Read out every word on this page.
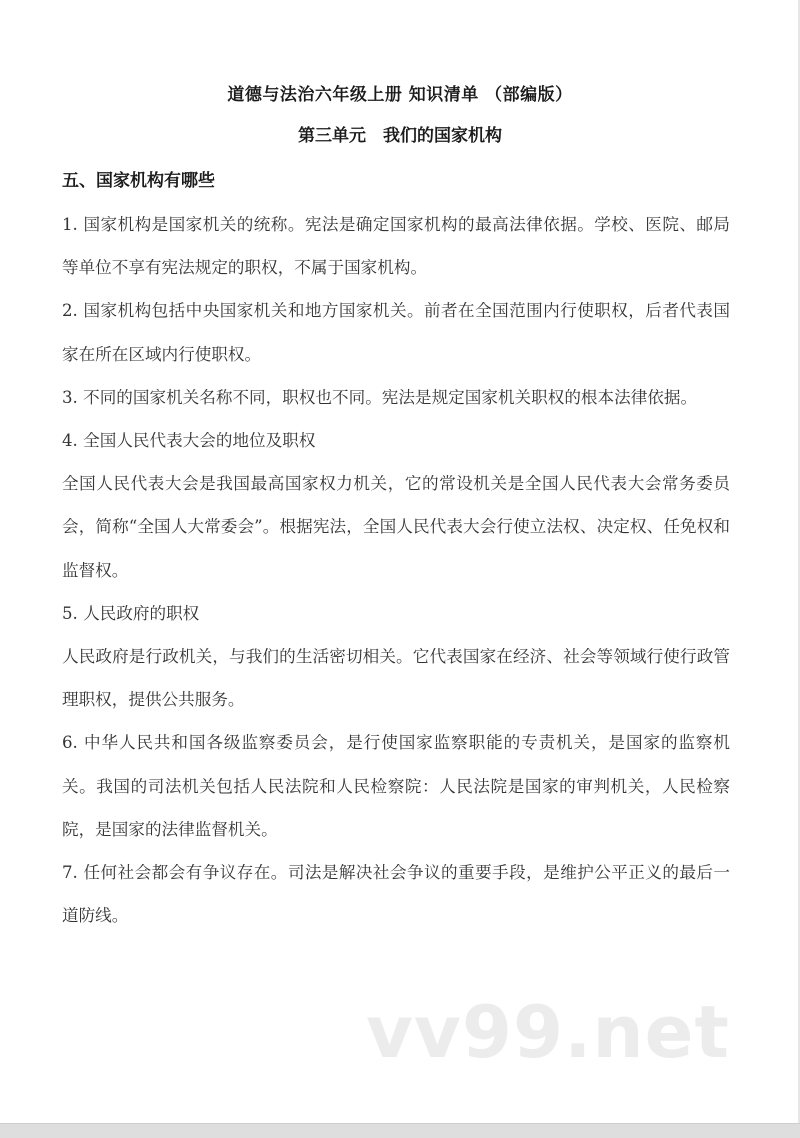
道德与法治六年级上册 知识清单 （部编版）
第三单元　我们的国家机构
五、国家机构有哪些

1. 国家机构是国家机关的统称。宪法是确定国家机构的最高法律依据。学校、医院、邮局等单位不享有宪法规定的职权，不属于国家机构。

2. 国家机构包括中央国家机关和地方国家机关。前者在全国范围内行使职权，后者代表国家在所在区域内行使职权。

3. 不同的国家机关名称不同，职权也不同。宪法是规定国家机关职权的根本法律依据。

4. 全国人民代表大会的地位及职权

全国人民代表大会是我国最高国家权力机关，它的常设机关是全国人民代表大会常务委员会，简称“全国人大常委会”。根据宪法，全国人民代表大会行使立法权、决定权、任免权和监督权。

5. 人民政府的职权

人民政府是行政机关，与我们的生活密切相关。它代表国家在经济、社会等领域行使行政管理职权，提供公共服务。

6. 中华人民共和国各级监察委员会，是行使国家监察职能的专责机关，是国家的监察机关。我国的司法机关包括人民法院和人民检察院：人民法院是国家的审判机关，人民检察院，是国家的法律监督机关。

7. 任何社会都会有争议存在。司法是解决社会争议的重要手段，是维护公平正义的最后一道防线。

vv99.net
